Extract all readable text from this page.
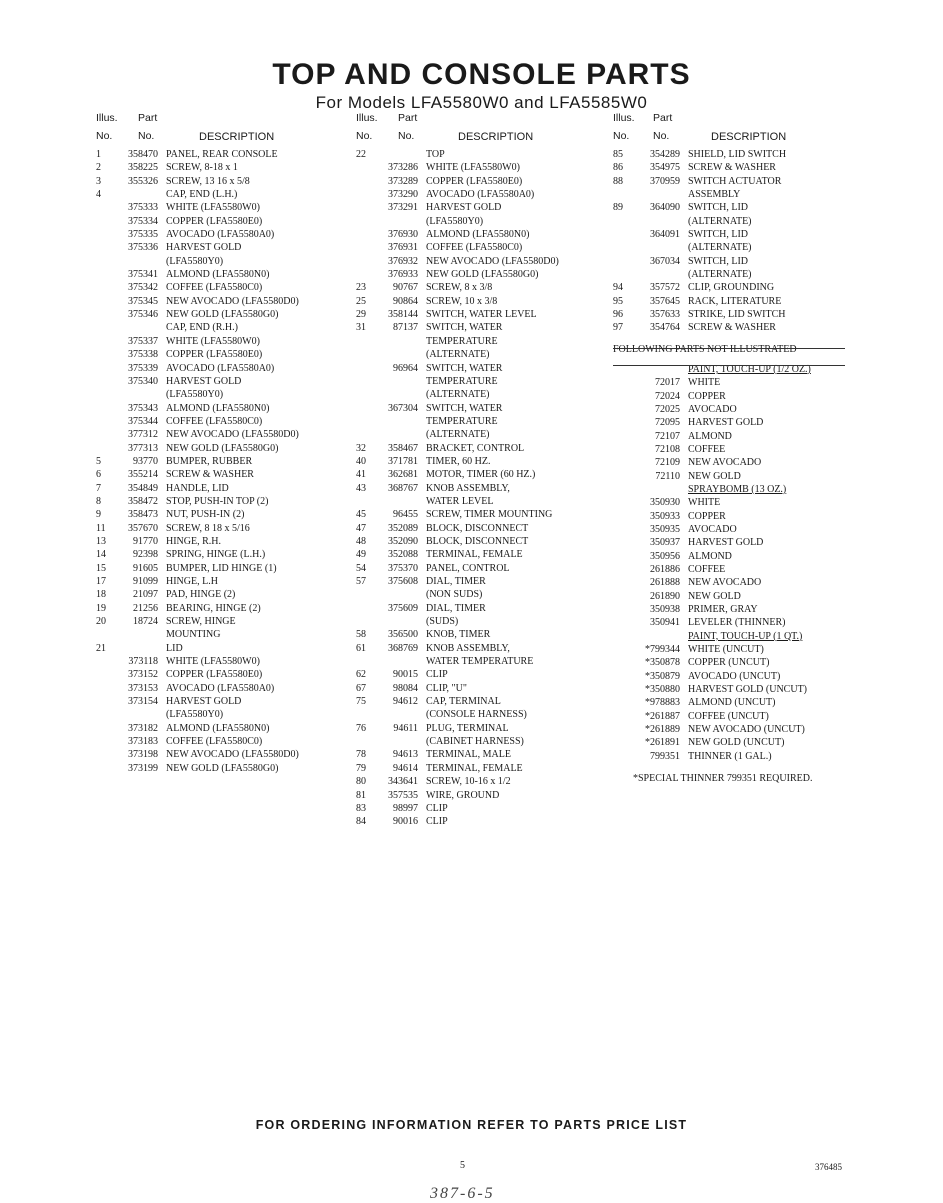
TOP AND CONSOLE PARTS
For Models LFA5580W0 and LFA5585W0
Illus. Part
No. No.	DESCRIPTION
1	358470 PANEL, REAR CONSOLE
2	358225 SCREW, 8-18 x 1
3	355326 SCREW, 13 16 x 5/8
4	CAP, END (L.H.)
375333 WHITE (LFA5580W0)
375334 COPPER (LFA5580E0)
375335 AVOCADO (LFA5580A0)
375336 HARVEST GOLD
(LFA5580Y0)
375341 ALMOND (LFA5580N0)
375342 COFFEE (LFA5580C0)
375345 NEW AVOCADO (LFA5580D0)
375346 NEW GOLD (LFA5580G0)
CAP, END (R.H.)
375337 WHITE (LFA5580W0)
375338 COPPER (LFA5580E0)
375339 AVOCADO (LFA5580A0)
375340 HARVEST GOLD
(LFA5580Y0)
375343 ALMOND (LFA5580N0)
375344 COFFEE (LFA5580C0)
377312 NEW AVOCADO (LFA5580D0)
377313 NEW GOLD (LFA5580G0)
5	93770 BUMPER, RUBBER
6	355214 SCREW & WASHER
7	354849 HANDLE, LID
8	358472 STOP, PUSH-IN TOP (2)
9	358473 NUT, PUSH-IN (2)
11	357670 SCREW, 8 18 x 5/16
13	91770 HINGE, R.H.
14	92398 SPRING, HINGE (L.H.)
15	91605 BUMPER, LID HINGE (1)
17	91099 HINGE, L.H
18	21097 PAD, HINGE (2)
19	21256 BEARING, HINGE (2)
20	18724 SCREW, HINGE
MOUNTING
21	LID
373118 WHITE (LFA5580W0)
373152 COPPER (LFA5580E0)
373153 AVOCADO (LFA5580A0)
373154 HARVEST GOLD
(LFA5580Y0)
373182 ALMOND (LFA5580N0)
373183 COFFEE (LFA5580C0)
373198 NEW AVOCADO (LFA5580D0)
373199 NEW GOLD (LFA5580G0)
Illus. Part
No. No.	DESCRIPTION
22	TOP
373286 WHITE (LFA5580W0)
373289 COPPER (LFA5580E0)
373290 AVOCADO (LFA5580A0)
373291 HARVEST GOLD
(LFA5580Y0)
376930 ALMOND (LFA5580N0)
376931 COFFEE (LFA5580C0)
376932 NEW AVOCADO (LFA5580D0)
376933 NEW GOLD (LFA5580G0)
23	90767 SCREW, 8 x 3/8
25	90864 SCREW, 10 x 3/8
29	358144 SWITCH, WATER LEVEL
31	87137 SWITCH, WATER
TEMPERATURE
(ALTERNATE)
96964 SWITCH, WATER
TEMPERATURE
(ALTERNATE)
367304 SWITCH, WATER
TEMPERATURE
(ALTERNATE)
32	358467 BRACKET, CONTROL
40	371781 TIMER, 60 HZ.
41	362681 MOTOR, TIMER (60 HZ.)
43	368767 KNOB ASSEMBLY,
WATER LEVEL
45	96455 SCREW, TIMER MOUNTING
47	352089 BLOCK, DISCONNECT
48	352090 BLOCK, DISCONNECT
49	352088 TERMINAL, FEMALE
54	375370 PANEL, CONTROL
57	375608 DIAL, TIMER
(NON SUDS)
375609 DIAL, TIMER
(SUDS)
58	356500 KNOB, TIMER
61	368769 KNOB ASSEMBLY,
WATER TEMPERATURE
62	90015 CLIP
67	98084 CLIP, "U"
75	94612 CAP, TERMINAL
(CONSOLE HARNESS)
76	94611 PLUG, TERMINAL
(CABINET HARNESS)
78	94613 TERMINAL, MALE
79	94614 TERMINAL, FEMALE
80	343641 SCREW, 10-16 x 1/2
81	357535 WIRE, GROUND
83	98997 CLIP
84	90016 CLIP
Illus. Part
No. No.	DESCRIPTION
85	354289 SHIELD, LID SWITCH
86	354975 SCREW & WASHER
88	370959 SWITCH ACTUATOR
ASSEMBLY
89	364090 SWITCH, LID
(ALTERNATE)
364091 SWITCH, LID
(ALTERNATE)
367034 SWITCH, LID
(ALTERNATE)
94	357572 CLIP, GROUNDING
95	357645 RACK, LITERATURE
96	357633 STRIKE, LID SWITCH
97	354764 SCREW & WASHER
FOLLOWING PARTS NOT ILLUSTRATED
PAINT, TOUCH-UP (1/2 OZ.)
72017 WHITE
72024 COPPER
72025 AVOCADO
72095 HARVEST GOLD
72107 ALMOND
72108 COFFEE
72109 NEW AVOCADO
72110 NEW GOLD
SPRAYBOMB (13 OZ.)
350930 WHITE
350933 COPPER
350935 AVOCADO
350937 HARVEST GOLD
350956 ALMOND
261886 COFFEE
261888 NEW AVOCADO
261890 NEW GOLD
350938 PRIMER, GRAY
350941 LEVELER (THINNER)
PAINT, TOUCH-UP (1 QT.)
*799344 WHITE (UNCUT)
*350878 COPPER (UNCUT)
*350879 AVOCADO (UNCUT)
*350880 HARVEST GOLD (UNCUT)
*978883 ALMOND (UNCUT)
*261887 COFFEE (UNCUT)
*261889 NEW AVOCADO (UNCUT)
*261891 NEW GOLD (UNCUT)
799351 THINNER (1 GAL.)
*SPECIAL THINNER 799351 REQUIRED.
FOR ORDERING INFORMATION REFER TO PARTS PRICE LIST
5	376485
387-6-5
